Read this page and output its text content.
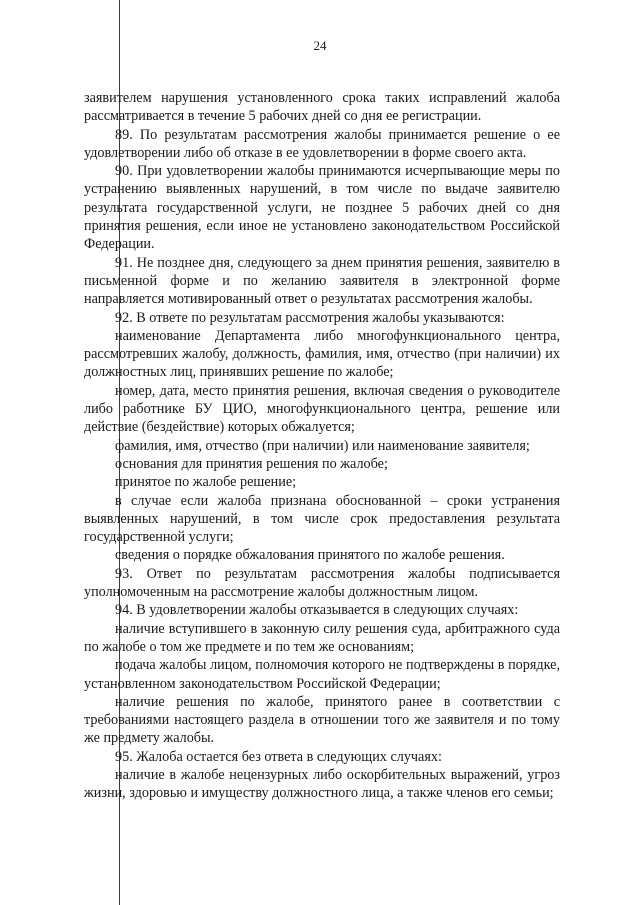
24

заявителем нарушения установленного срока таких исправлений жалоба рассматривается в течение 5 рабочих дней со дня ее регистрации.

89. По результатам рассмотрения жалобы принимается решение о ее удовлетворении либо об отказе в ее удовлетворении в форме своего акта.

90. При удовлетворении жалобы принимаются исчерпывающие меры по устранению выявленных нарушений, в том числе по выдаче заявителю результата государственной услуги, не позднее 5 рабочих дней со дня принятия решения, если иное не установлено законодательством Российской Федерации.

91. Не позднее дня, следующего за днем принятия решения, заявителю в письменной форме и по желанию заявителя в электронной форме направляется мотивированный ответ о результатах рассмотрения жалобы.

92. В ответе по результатам рассмотрения жалобы указываются:

наименование Департамента либо многофункционального центра, рассмотревших жалобу, должность, фамилия, имя, отчество (при наличии) их должностных лиц, принявших решение по жалобе;

номер, дата, место принятия решения, включая сведения о руководителе либо работнике БУ ЦИО, многофункционального центра, решение или действие (бездействие) которых обжалуется;

фамилия, имя, отчество (при наличии) или наименование заявителя;

основания для принятия решения по жалобе;

принятое по жалобе решение;

в случае если жалоба признана обоснованной – сроки устранения выявленных нарушений, в том числе срок предоставления результата государственной услуги;

сведения о порядке обжалования принятого по жалобе решения.

93. Ответ по результатам рассмотрения жалобы подписывается уполномоченным на рассмотрение жалобы должностным лицом.

94. В удовлетворении жалобы отказывается в следующих случаях:

наличие вступившего в законную силу решения суда, арбитражного суда по жалобе о том же предмете и по тем же основаниям;

подача жалобы лицом, полномочия которого не подтверждены в порядке, установленном законодательством Российской Федерации;

наличие решения по жалобе, принятого ранее в соответствии с требованиями настоящего раздела в отношении того же заявителя и по тому же предмету жалобы.

95. Жалоба остается без ответа в следующих случаях:

наличие в жалобе нецензурных либо оскорбительных выражений, угроз жизни, здоровью и имуществу должностного лица, а также членов его семьи;
